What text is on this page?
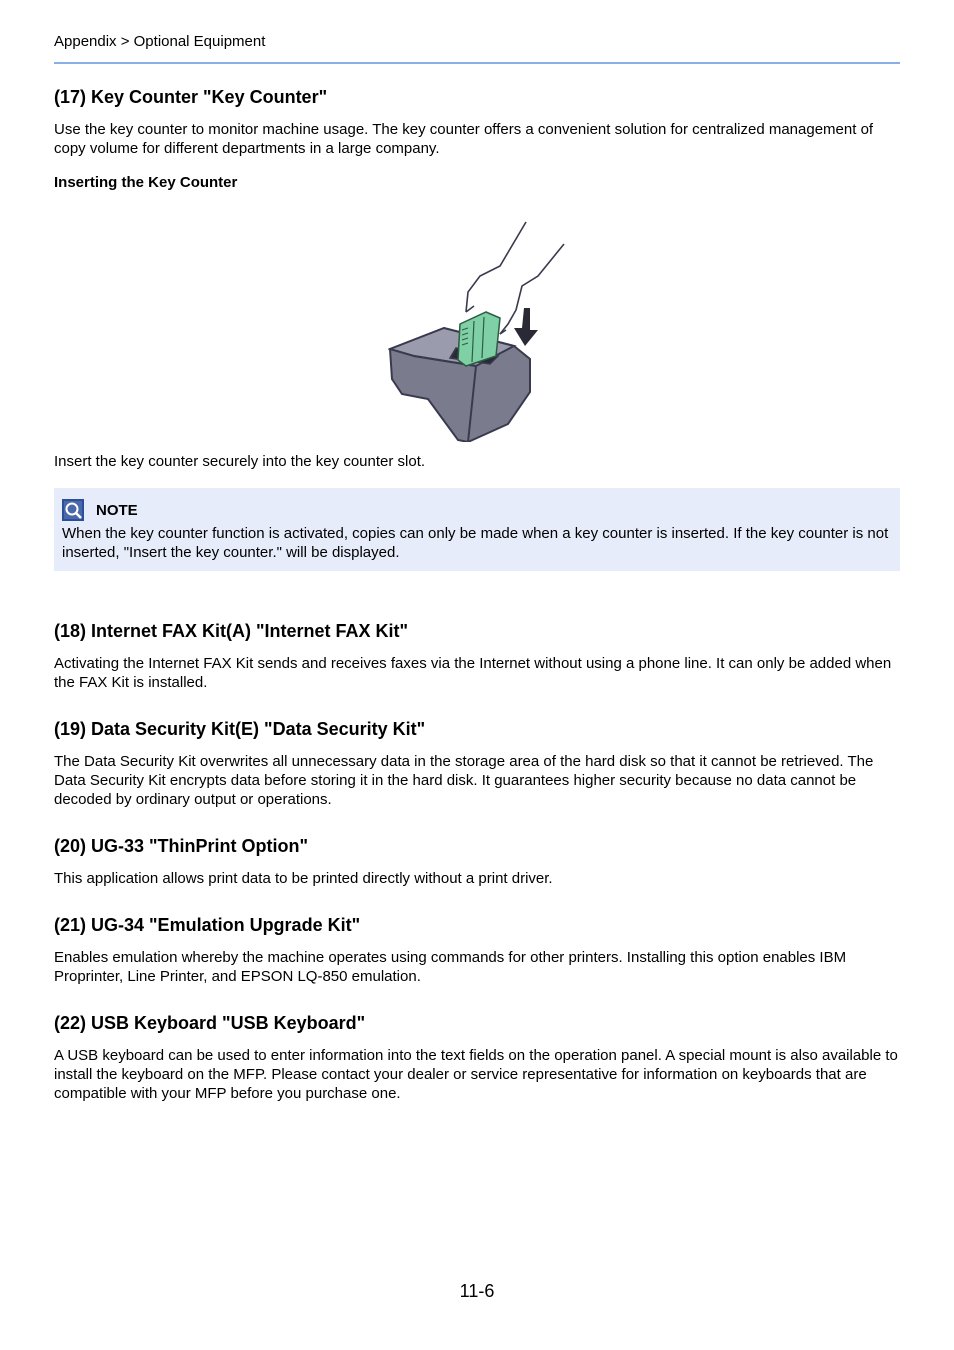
Appendix > Optional Equipment
(17) Key Counter "Key Counter"

Use the key counter to monitor machine usage. The key counter offers a convenient solution for centralized management of copy volume for different departments in a large company.

Inserting the Key Counter

Insert the key counter securely into the key counter slot.

NOTE

When the key counter function is activated, copies can only be made when a key counter is inserted. If the key counter is not inserted, "Insert the key counter." will be displayed.

(18) Internet FAX Kit(A) "Internet FAX Kit"

Activating the Internet FAX Kit sends and receives faxes via the Internet without using a phone line. It can only be added when the FAX Kit is installed.

(19) Data Security Kit(E) "Data Security Kit"

The Data Security Kit overwrites all unnecessary data in the storage area of the hard disk so that it cannot be retrieved. The Data Security Kit encrypts data before storing it in the hard disk. It guarantees higher security because no data cannot be decoded by ordinary output or operations.

(20) UG-33 "ThinPrint Option"

This application allows print data to be printed directly without a print driver.

(21) UG-34 "Emulation Upgrade Kit"

Enables emulation whereby the machine operates using commands for other printers. Installing this option enables IBM Proprinter, Line Printer, and EPSON LQ-850 emulation.

(22) USB Keyboard "USB Keyboard"

A USB keyboard can be used to enter information into the text fields on the operation panel. A special mount is also available to install the keyboard on the MFP. Please contact your dealer or service representative for information on keyboards that are compatible with your MFP before you purchase one.

11-6
